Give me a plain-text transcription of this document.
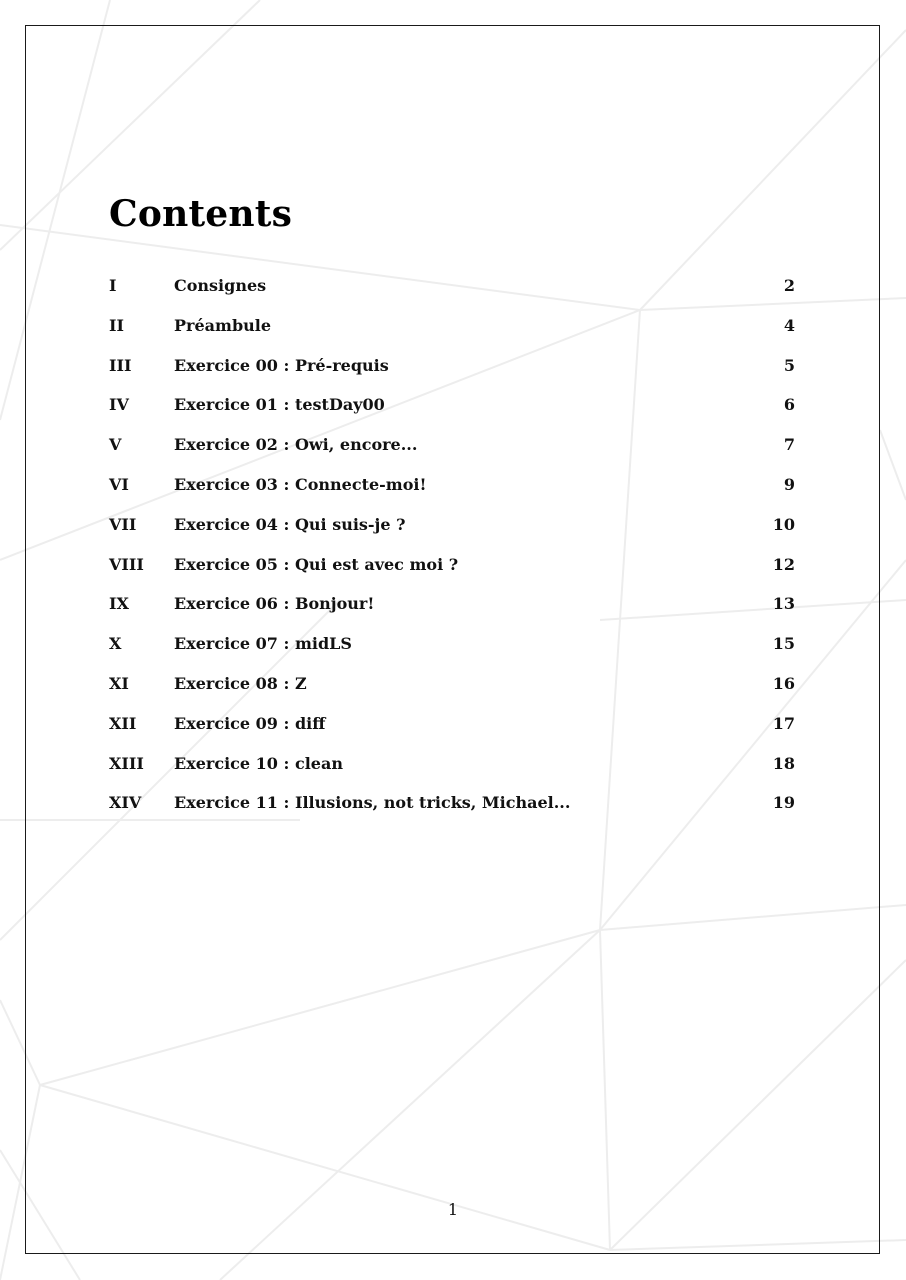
Contents
I	Consignes	2
II	Préambule	4
III	Exercice 00 : Pré-requis	5
IV	Exercice 01 : testDay00	6
V	Exercice 02 : Owi, encore...	7
VI	Exercice 03 : Connecte-moi!	9
VII Exercice 04 : Qui suis-je ?	10
VIII Exercice 05 : Qui est avec moi ?	12
IX	Exercice 06 : Bonjour!	13
X	Exercice 07 : midLS	15
XI	Exercice 08 : Z	16
XII Exercice 09 : diff	17
XIII Exercice 10 : clean	18
XIV Exercice 11 : Illusions, not tricks, Michael...	19
1
